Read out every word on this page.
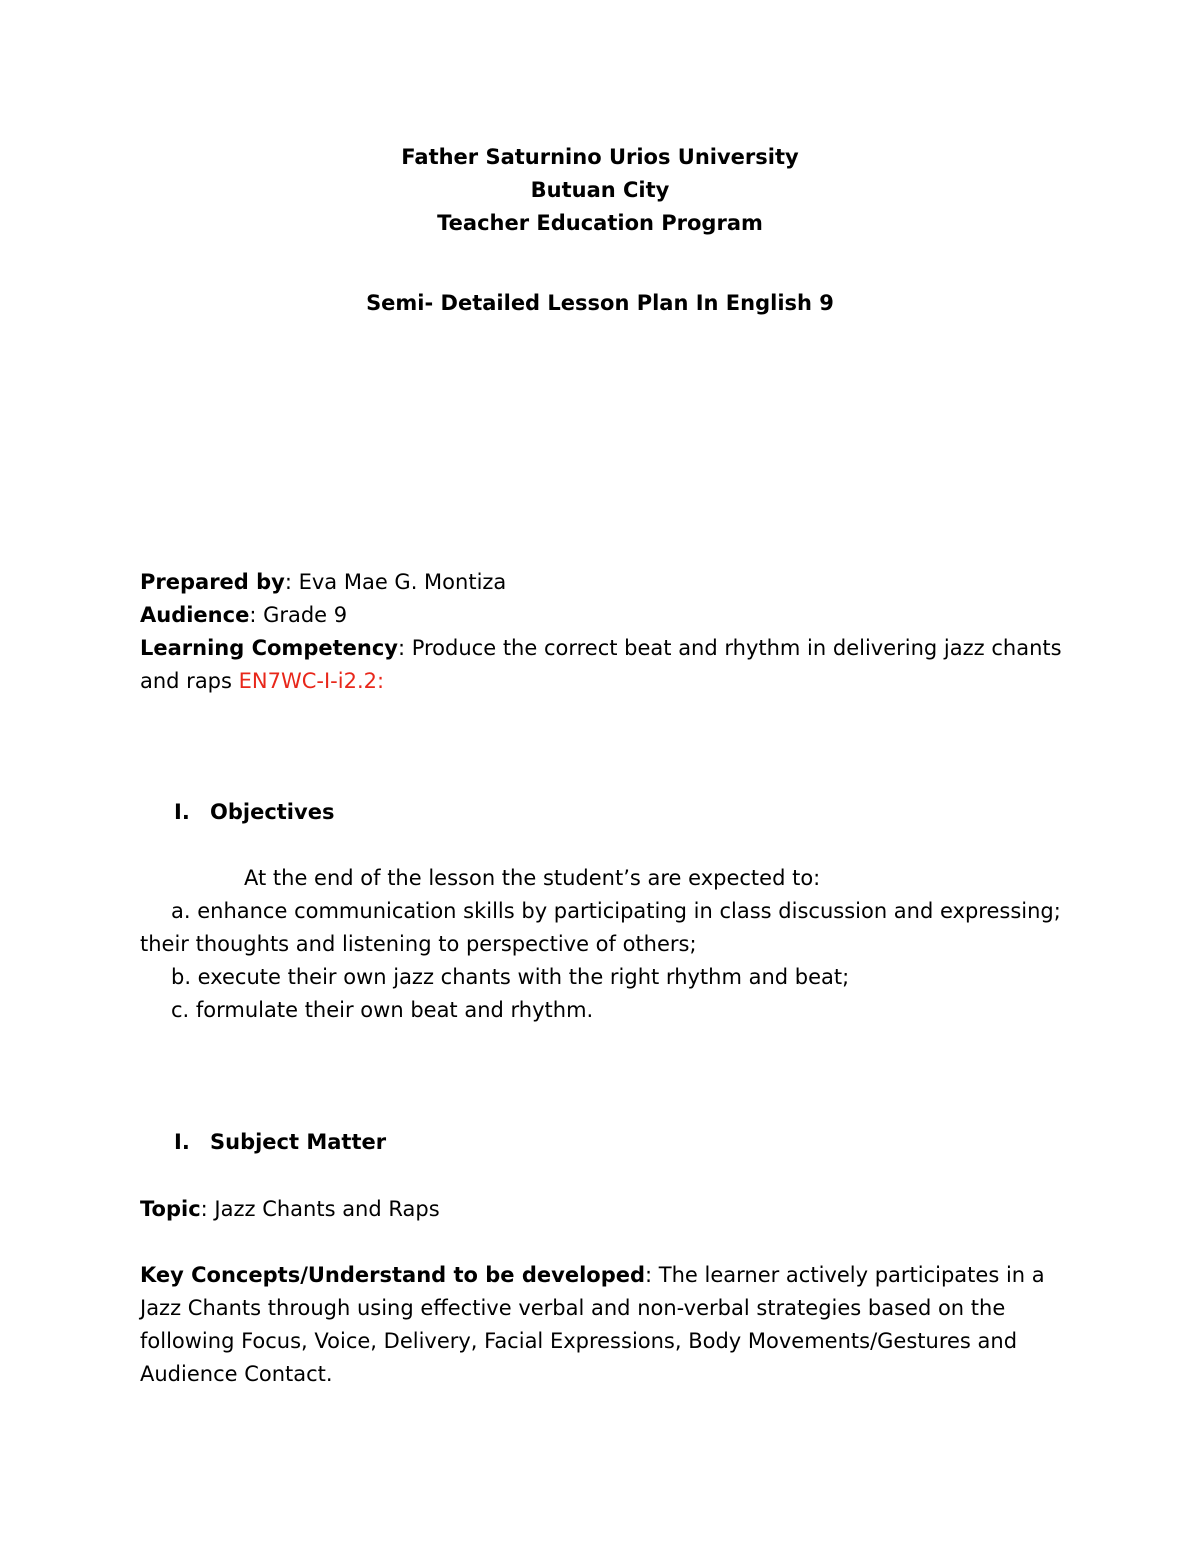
Father Saturnino Urios University
Butuan City
Teacher Education Program
Semi- Detailed Lesson Plan In English 9
Prepared by: Eva Mae G. Montiza
Audience: Grade 9
Learning Competency: Produce the correct beat and rhythm in delivering jazz chants
and raps EN7WC-I-i2.2:
I. Objectives
At the end of the lesson the student’s are expected to:
a. enhance communication skills by participating in class discussion and expressing;
their thoughts and listening to perspective of others;
b. execute their own jazz chants with the right rhythm and beat;
c. formulate their own beat and rhythm.
I. Subject Matter
Topic: Jazz Chants and Raps
Key Concepts/Understand to be developed: The learner actively participates in a
Jazz Chants through using effective verbal and non-verbal strategies based on the
following Focus, Voice, Delivery, Facial Expressions, Body Movements/Gestures and
Audience Contact.
